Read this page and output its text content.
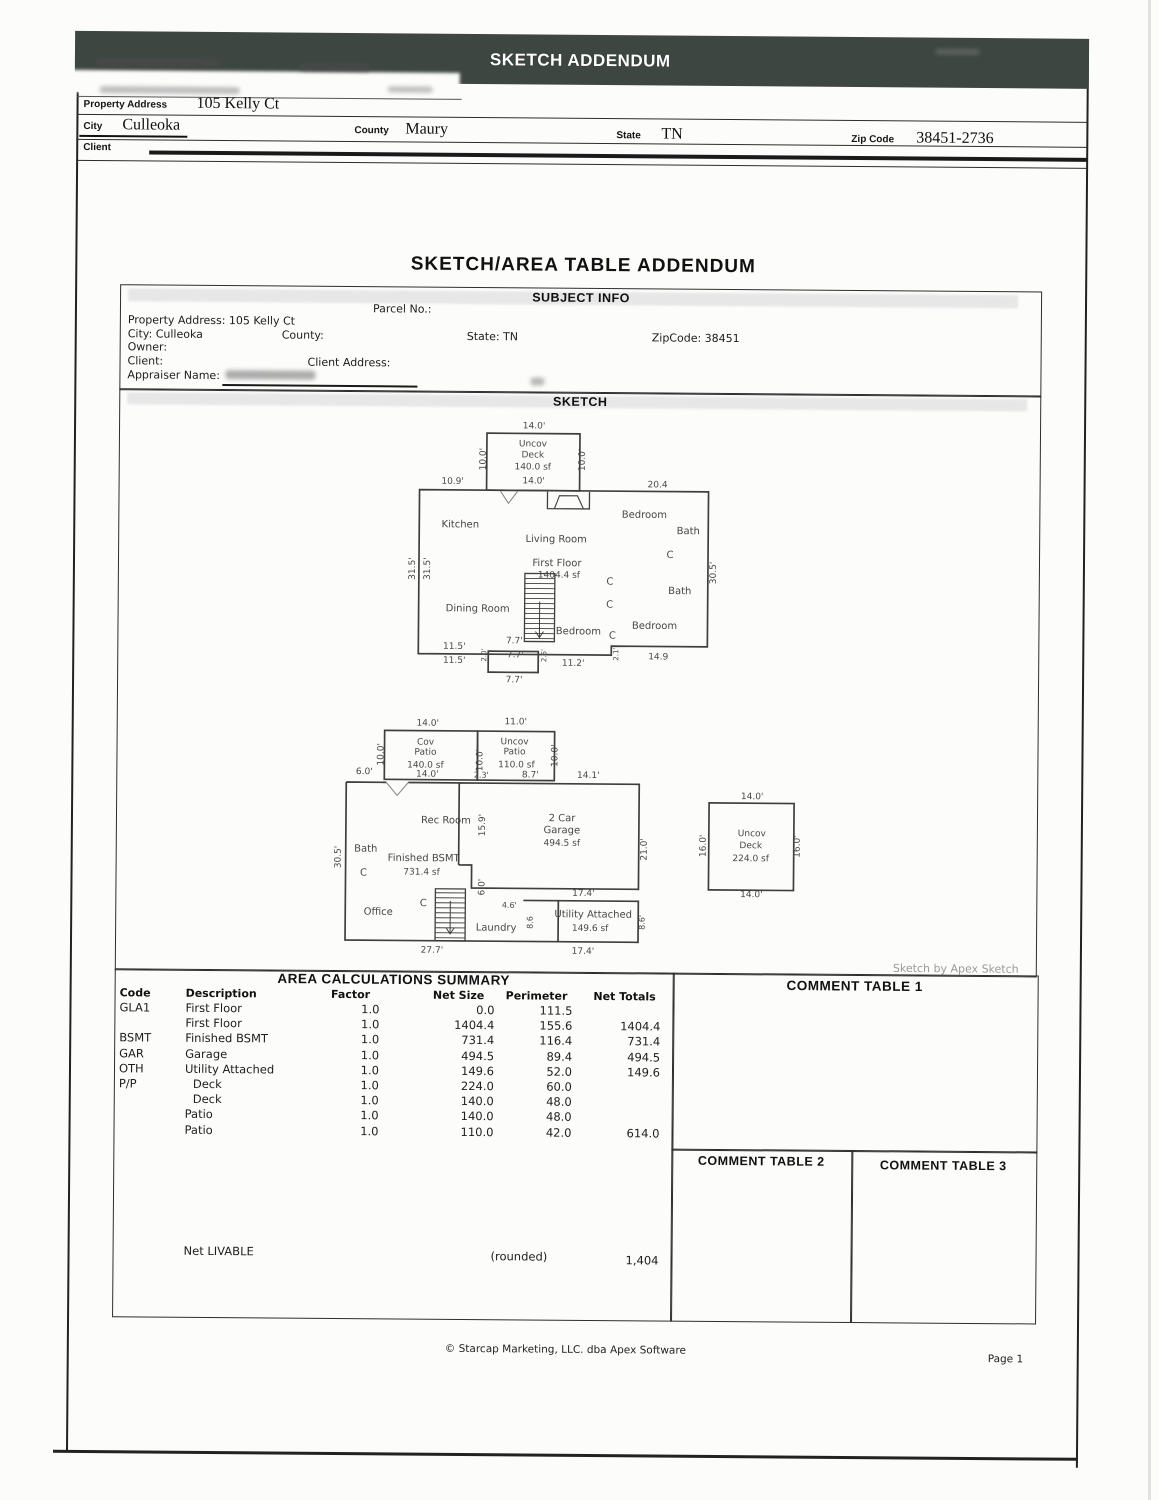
SKETCH ADDENDUM
Property Address 105 Kelly Ct
City Culleoka	County Maury	State TN	Zip Code 38451-2736
Client
SKETCH/AREA TABLE ADDENDUM
SUBJECT INFO
Parcel No.:
Property Address: 105 Kelly Ct
City: Culleoka	County:	State: TN	ZipCode: 38451
Owner:
Client:	Client Address:
Appraiser Name:
SKETCH
14.0'
Uncov
Deck
140.0 sf
10.0'	10.0'
10.9'	14.0'	20.4
Kitchen
Bedroom
Bath
Living Room
First Floor
1404.4 sf
C
31.5' 31.5'	30.5'
Bath
C
C
Dining Room
Bedroom C
Bedroom
11.5'
11.5'
7.7'
7.7'
7.7'
2.0'	2.6'
11.2'
14.9
2.1'
14.0'	11.0'
Cov
Patio
140.0 sf
Uncov
Patio
110.0 sf
10.0'	10.0'	10.0'
6.0'	14.0'	2.3'	8.7'	14.1'
Rec Room 15.9'	2 Car
Garage
494.5 sf
30.5'	21.0'
Bath
Finished BSMT
731.4 sf
C
6.0'	17.4'
Office
C	4.6'
Laundry 8.6
Utility Attached
149.6 sf	8.6'
27.7'	17.4'
14.0'
Uncov
Deck
224.0 sf
16.0'	16.0'
14.0'
Sketch by Apex Sketch
AREA CALCULATIONS SUMMARY
Code	Description	Factor	Net Size Perimeter Net Totals
GLA1	First Floor	1.0	0.0	111.5
First Floor	1.0	1404.4	155.6	1404.4
BSMT	Finished BSMT	1.0	731.4	116.4	731.4
GAR	Garage	1.0	494.5	89.4	494.5
OTH	Utility Attached	1.0	149.6	52.0	149.6
P/P	Deck	1.0	224.0	60.0
Deck	1.0	140.0	48.0
Patio	1.0	140.0	48.0
Patio	1.0	110.0	42.0	614.0
Net LIVABLE	(rounded)	1,404
COMMENT TABLE 1
COMMENT TABLE 2	COMMENT TABLE 3
© Starcap Marketing, LLC. dba Apex Software
Page 1
